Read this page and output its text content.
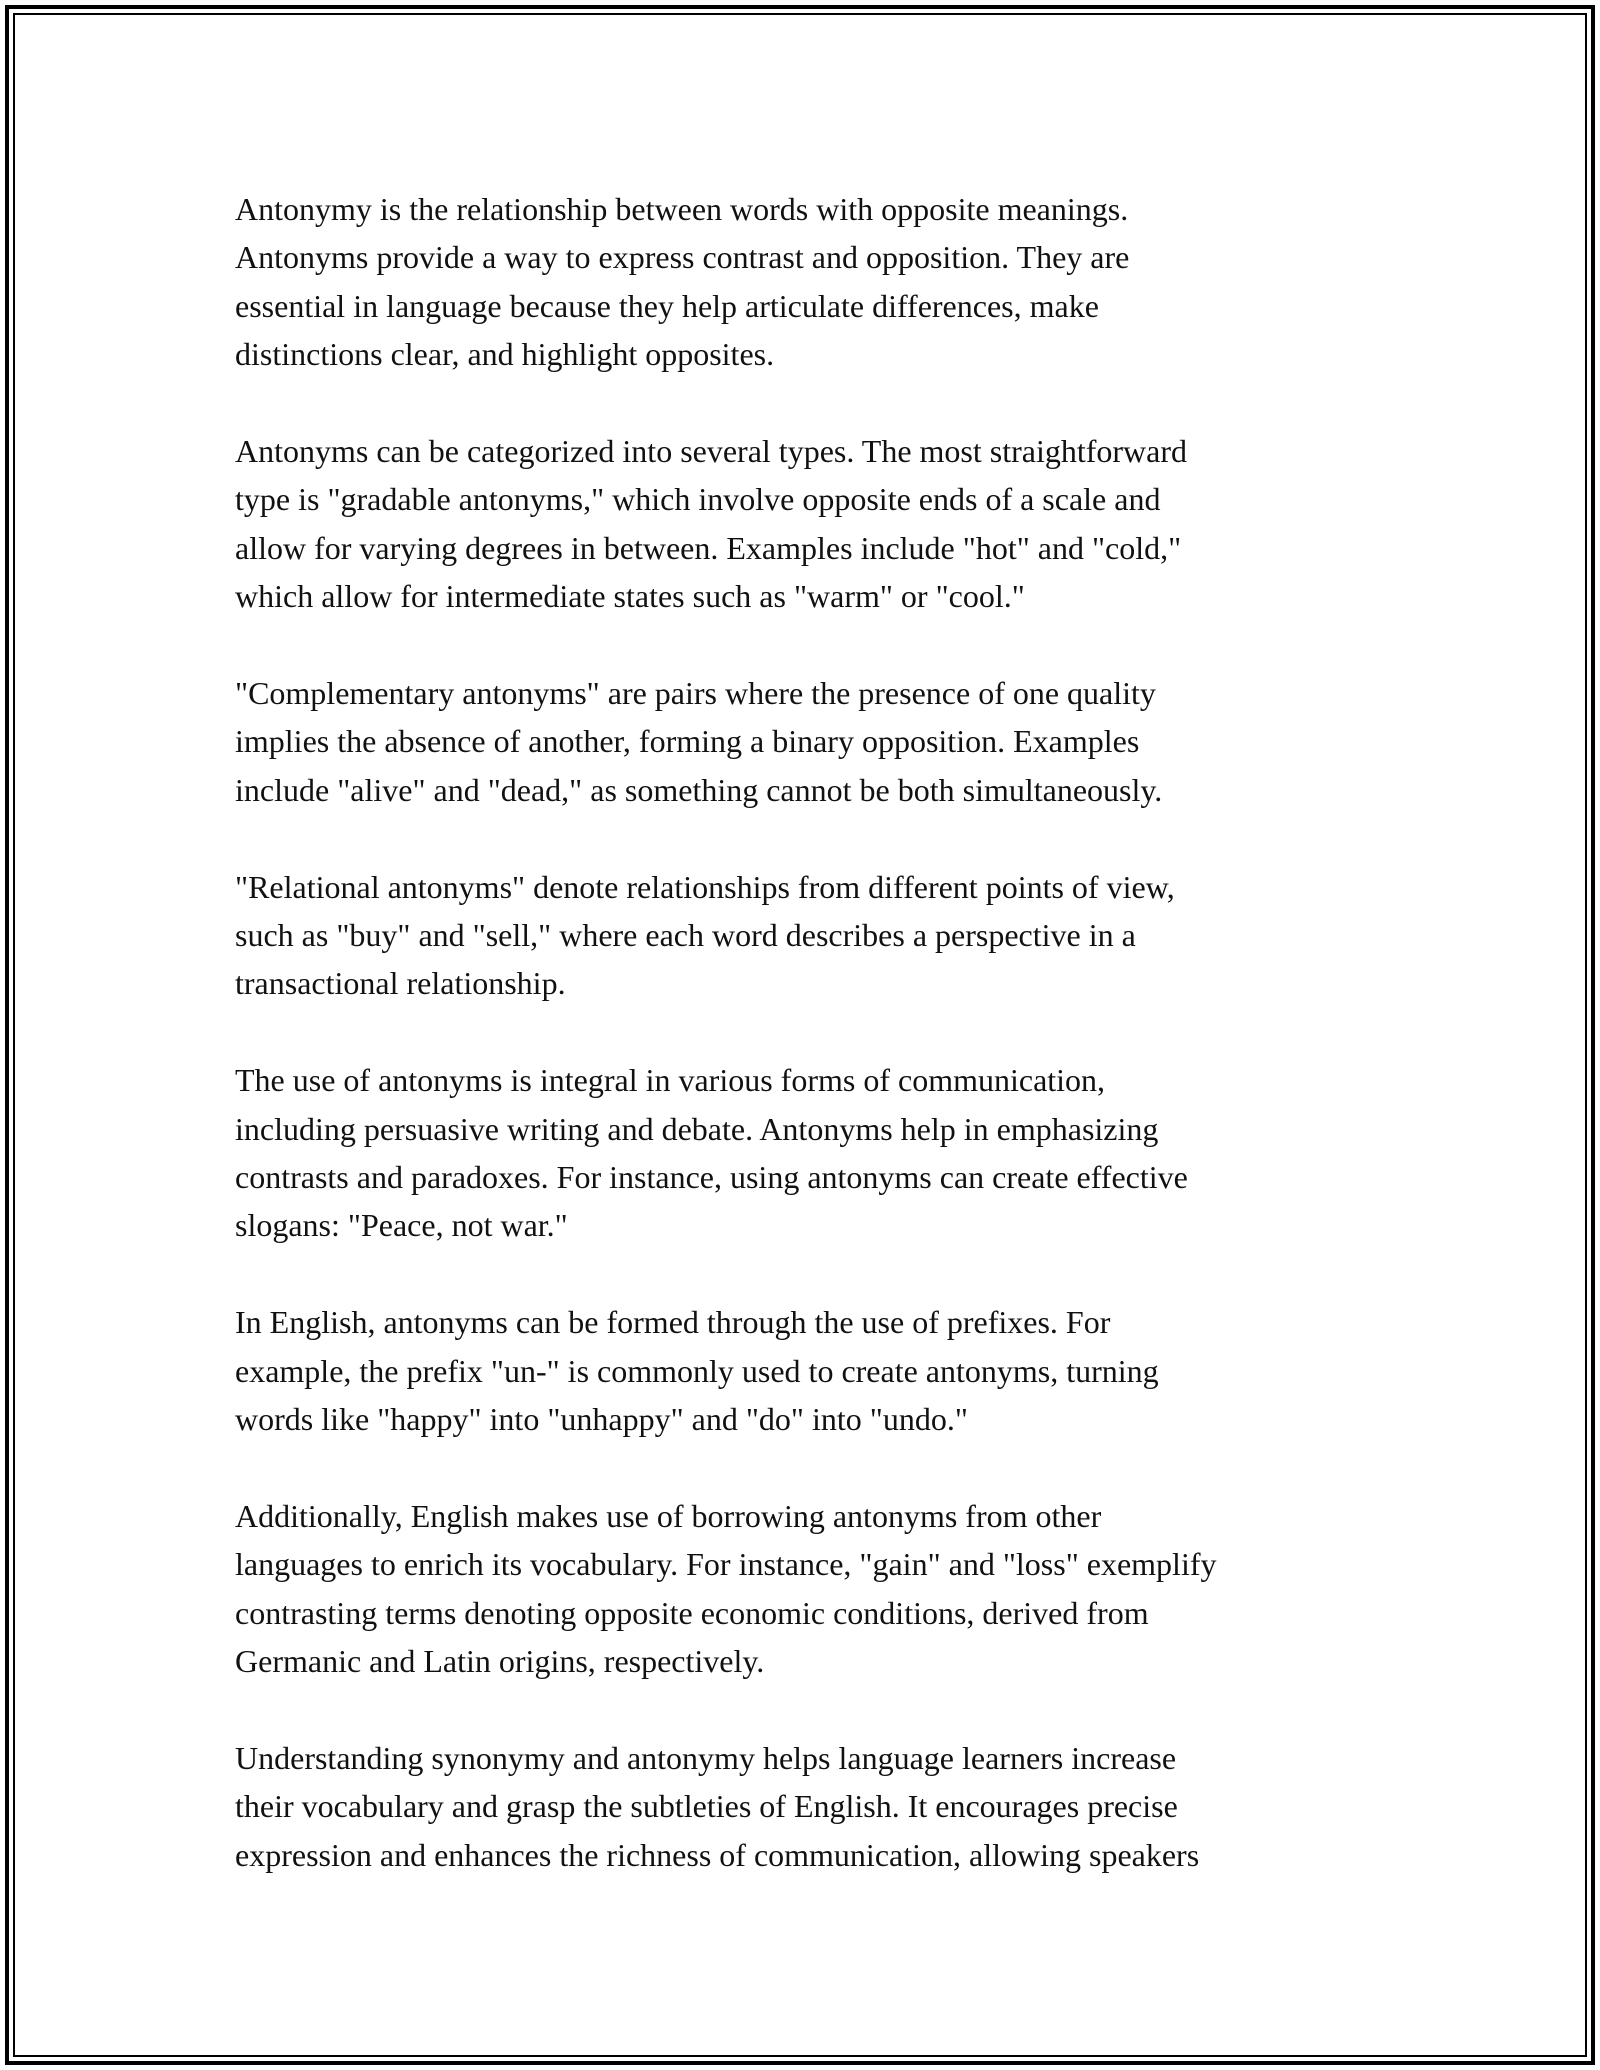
Antonymy is the relationship between words with opposite meanings.
Antonyms provide a way to express contrast and opposition. They are
essential in language because they help articulate differences, make
distinctions clear, and highlight opposites.

Antonyms can be categorized into several types. The most straightforward
type is "gradable antonyms," which involve opposite ends of a scale and
allow for varying degrees in between. Examples include "hot" and "cold,"
which allow for intermediate states such as "warm" or "cool."

"Complementary antonyms" are pairs where the presence of one quality
implies the absence of another, forming a binary opposition. Examples
include "alive" and "dead," as something cannot be both simultaneously.

"Relational antonyms" denote relationships from different points of view,
such as "buy" and "sell," where each word describes a perspective in a
transactional relationship.

The use of antonyms is integral in various forms of communication,
including persuasive writing and debate. Antonyms help in emphasizing
contrasts and paradoxes. For instance, using antonyms can create effective
slogans: "Peace, not war."

In English, antonyms can be formed through the use of prefixes. For
example, the prefix "un-" is commonly used to create antonyms, turning
words like "happy" into "unhappy" and "do" into "undo."

Additionally, English makes use of borrowing antonyms from other
languages to enrich its vocabulary. For instance, "gain" and "loss" exemplify
contrasting terms denoting opposite economic conditions, derived from
Germanic and Latin origins, respectively.

Understanding synonymy and antonymy helps language learners increase
their vocabulary and grasp the subtleties of English. It encourages precise
expression and enhances the richness of communication, allowing speakers
